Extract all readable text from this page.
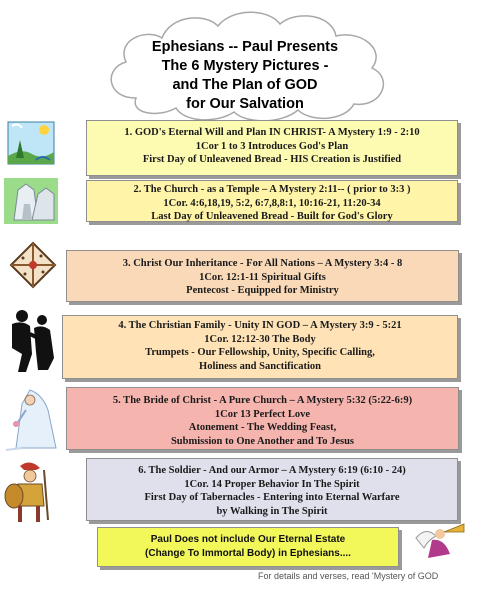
Ephesians -- Paul Presents
The 6 Mystery Pictures -
and The Plan of GOD
for Our Salvation
1. GOD's Eternal Will and Plan IN CHRIST- A Mystery 1:9 - 2:10
1Cor 1 to 3 Introduces God's Plan
First Day of Unleavened Bread - HIS Creation is Justified
2. The Church - as a Temple – A Mystery 2:11-- ( prior to 3:3 )
1Cor. 4:6,18,19, 5:2, 6:7,8,8:1, 10:16-21, 11:20-34
Last Day of Unleavened Bread - Built for God's Glory
3. Christ Our Inheritance - For All Nations – A Mystery 3:4 - 8
1Cor. 12:1-11 Spiritual Gifts
Pentecost - Equipped for Ministry
4. The Christian Family - Unity IN GOD – A Mystery 3:9 - 5:21
1Cor. 12:12-30 The Body
Trumpets - Our Fellowship, Unity, Specific Calling,
Holiness and Sanctification
5. The Bride of Christ - A Pure Church – A Mystery 5:32 (5:22-6:9)
1Cor 13 Perfect Love
Atonement - The Wedding Feast,
Submission to One Another and To Jesus
6. The Soldier - And our Armor – A Mystery 6:19 (6:10 - 24)
1Cor. 14 Proper Behavior In The Spirit
First Day of Tabernacles - Entering into Eternal Warfare
by Walking in The Spirit
Paul Does not include Our Eternal Estate
(Change To Immortal Body) in Ephesians....
For details and verses, read 'Mystery of GOD
